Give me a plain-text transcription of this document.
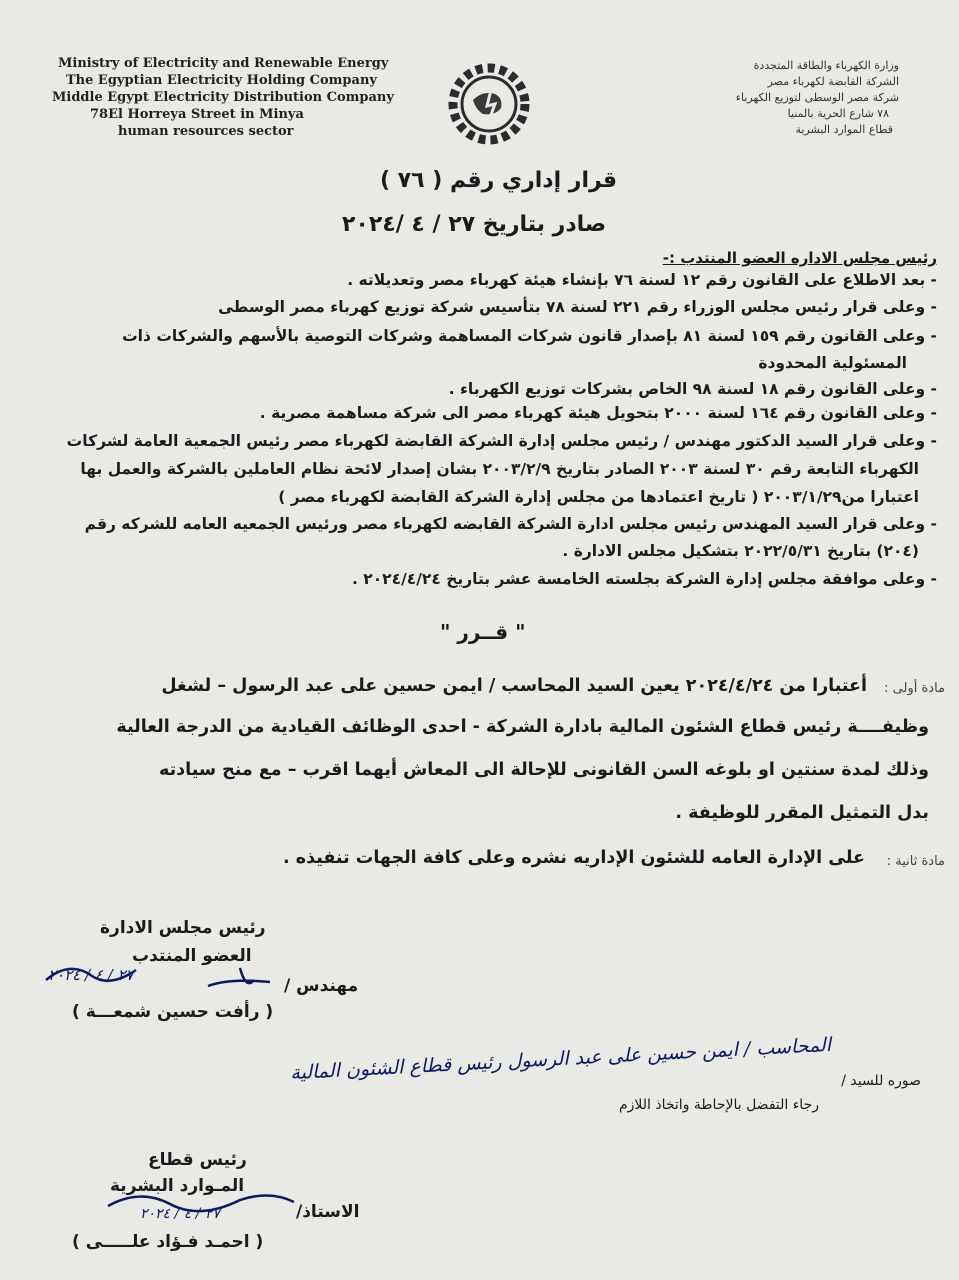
Ministry of Electricity and Renewable Energy
The Egyptian Electricity Holding Company
Middle Egypt Electricity Distribution Company
78El Horreya Street in Minya
human resources sector
وزارة الكهرباء والطاقة المتجددة
الشركة القابضة لكهرباء مصر
شركة مصر الوسطى لتوزيع الكهرباء
٧٨ شارع الحرية بالمنيا
قطاع الموارد البشرية
قرار إداري رقم ( ٧٦ )
صادر بتاريخ ٢٧ / ٤ /٢٠٢٤
رئيس مجلس الاداره العضو المنتدب :-
- بعد الاطلاع على القانون رقم ١٢ لسنة ٧٦ بإنشاء هيئة كهرباء مصر وتعديلاته .
- وعلى قرار رئيس مجلس الوزراء رقم ٢٢١ لسنة ٧٨ بتأسيس شركة توزيع كهرباء مصر الوسطى
- وعلى القانون رقم ١٥٩ لسنة ٨١ بإصدار قانون شركات المساهمة وشركات التوصية بالأسهم والشركات ذات
المسئولية المحدودة
- وعلى القانون رقم ١٨ لسنة ٩٨ الخاص بشركات توزيع الكهرباء .
- وعلى القانون رقم ١٦٤ لسنة ٢٠٠٠ بتحويل هيئة كهرباء مصر الى شركة مساهمة مصرية .
- وعلى قرار السيد الدكتور مهندس / رئيس مجلس إدارة الشركة القابضة لكهرباء مصر رئيس الجمعية العامة لشركات
الكهرباء التابعة رقم ٣٠ لسنة ٢٠٠٣ الصادر بتاريخ ٢٠٠٣/٢/٩ بشان إصدار لائحة نظام العاملين بالشركة والعمل بها
اعتبارا من٢٠٠٣/١/٢٩ ( تاريخ اعتمادها من مجلس إدارة الشركة القابضة لكهرباء مصر )
- وعلى قرار السيد المهندس رئيس مجلس ادارة الشركة القابضه لكهرباء مصر ورئيس الجمعيه العامه للشركه رقم
(٢٠٤) بتاريخ ٢٠٢٢/٥/٣١ بتشكيل مجلس الادارة .
- وعلى موافقة مجلس إدارة الشركة بجلسته الخامسة عشر بتاريخ ٢٠٢٤/٤/٢٤ .
" قــرر "
مادة أولى :
أعتبارا من ٢٠٢٤/٤/٢٤ يعين السيد المحاسب / ايمن حسين على عبد الرسول – لشغل
وظيفــــة رئيس قطاع الشئون المالية بادارة الشركة - احدى الوظائف القيادية من الدرجة العالية
وذلك لمدة سنتين او بلوغه السن القانونى للإحالة الى المعاش أيهما اقرب – مع منح سيادته
بدل التمثيل المقرر للوظيفة .
مادة ثانية :
على الإدارة العامه للشئون الإداريه نشره وعلى كافة الجهات تنفيذه .
رئيس مجلس الادارة
العضو المنتدب
مهندس /
( رأفت حسين شمعـــة )
٢٧ / ٤ / ٢٠٢٤
صوره للسيد /
المحاسب / ايمن حسين على عبد الرسول رئيس قطاع الشئون المالية
رجاء التفضل بالإحاطة واتخاذ اللازم
رئيس قطاع
المـوارد البشرية
الاستاذ/
( احمـد فـؤاد علـــــى )
٢٧ / ٤ / ٢٠٢٤
